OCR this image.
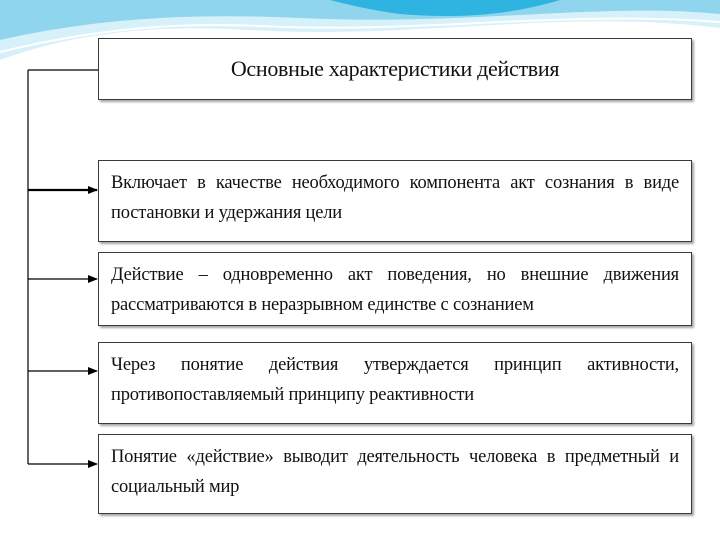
Основные характеристики действия
Включает в качестве необходимого компонента акт сознания в виде постановки и удержания цели
Действие – одновременно акт поведения, но внешние движения рассматриваются в неразрывном единстве с сознанием
Через понятие действия утверждается принцип активности, противопоставляемый принципу реактивности
Понятие «действие» выводит деятельность человека в предметный и социальный мир
